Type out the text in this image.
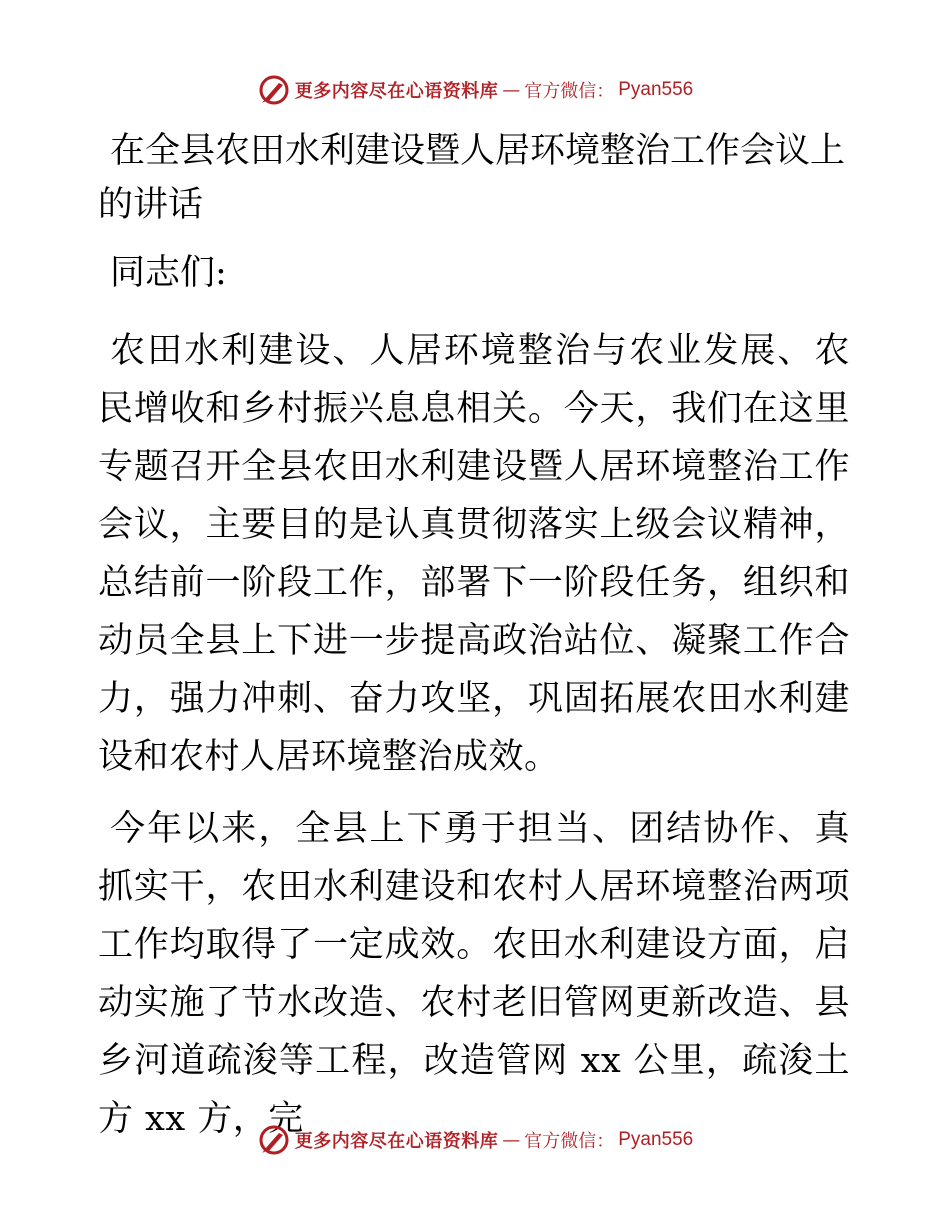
更多内容尽在心语资料库 — 官方微信： Pyan556
在全县农田水利建设暨人居环境整治工作会议上的讲话

同志们:

农田水利建设、人居环境整治与农业发展、农民增收和乡村振兴息息相关。今天，我们在这里专题召开全县农田水利建设暨人居环境整治工作会议，主要目的是认真贯彻落实上级会议精神，总结前一阶段工作，部署下一阶段任务，组织和动员全县上下进一步提高政治站位、凝聚工作合力，强力冲刺、奋力攻坚，巩固拓展农田水利建设和农村人居环境整治成效。

今年以来，全县上下勇于担当、团结协作、真抓实干，农田水利建设和农村人居环境整治两项工作均取得了一定成效。农田水利建设方面，启动实施了节水改造、农村老旧管网更新改造、县乡河道疏浚等工程，改造管网 xx 公里，疏浚土方 xx 方，完

更多内容尽在心语资料库 — 官方微信： Pyan556
